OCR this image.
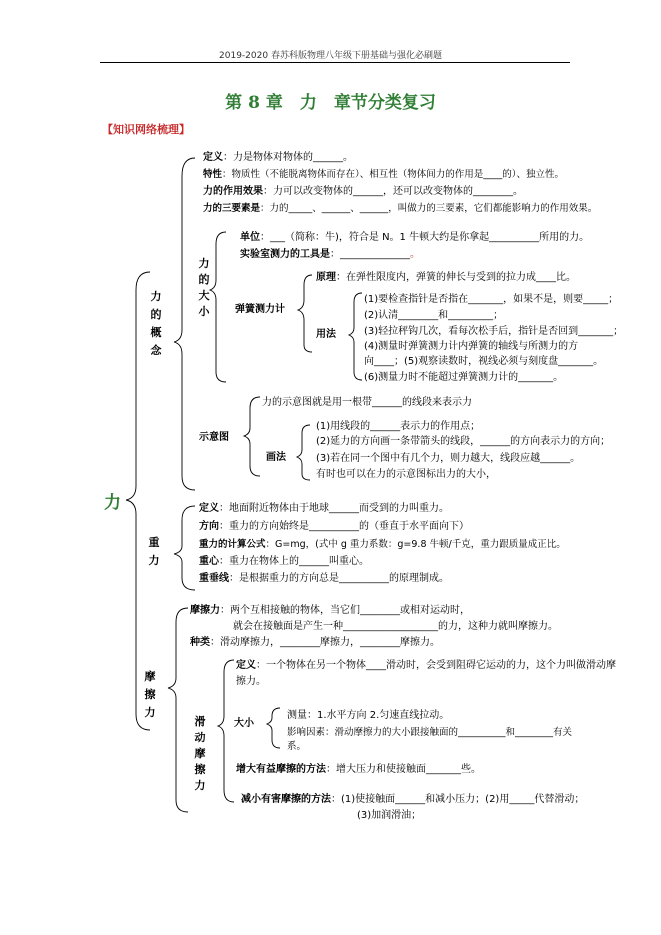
2019-2020 春苏科版物理八年级下册基础与强化必刷题
第 8 章　力　章节分类复习
【知识网络梳理】
力
力
的
概
念
定义：力是物体对物体的______。
特性：物质性（不能脱离物体而存在）、相互性（物体间力的作用是____的）、独立性。
力的作用效果：力可以改变物体的______，还可以改变物体的________。
力的三要素是：力的_____、______、______，叫做力的三要素，它们都能影响力的作用效果。
力
的
大
小
单位：___（简称：牛)，符合是 N。1 牛顿大约是你拿起__________所用的力。
实验室测力的工具是：______________。
弹簧测力计
原理：在弹性限度内，弹簧的伸长与受到的拉力成____比。
用法
(1)要检查指针是否指在_______，如果不是，则要_____；
(2)认清________和_________；
(3)轻拉秤钩几次，看每次松手后，指针是否回到_______；
(4)测量时弹簧测力计内弹簧的轴线与所测力的方
向____；(5)观察读数时，视线必须与刻度盘_______。
(6)测量力时不能超过弹簧测力计的_______。
示意图
力的示意图就是用一根带______的线段来表示力
画法
(1)用线段的______表示力的作用点；
(2)延力的方向画一条带箭头的线段，______的方向表示力的方向；
(3)若在同一个图中有几个力，则力越大，线段应越______。
有时也可以在力的示意图标出力的大小，
重
力
定义：地面附近物体由于地球______而受到的力叫重力。
方向：重力的方向始终是__________的（垂直于水平面向下）
重力的计算公式：G=mg，(式中 g 重力系数：g=9.8 牛顿/千克，重力跟质量成正比。
重心：重力在物体上的______叫重心。
重垂线：是根据重力的方向总是__________的原理制成。
摩
擦
力
摩擦力：两个互相接触的物体，当它们________或相对运动时，
就会在接触面是产生一种___________________的力，这种力就叫摩擦力。
种类：滑动摩擦力，________摩擦力，________摩擦力。
滑
动
摩
擦
力
定义：一个物体在另一个物体____滑动时，会受到阻碍它运动的力，这个力叫做滑动摩
擦力。
大小
测量：1.水平方向 2.匀速直线拉动。
影响因素：滑动摩擦力的大小跟接触面的__________和________有关
系。
增大有益摩擦的方法：增大压力和使接触面_______些。
减小有害摩擦的方法：(1)使接触面______和减小压力；(2)用_____代替滑动；
(3)加润滑油；
